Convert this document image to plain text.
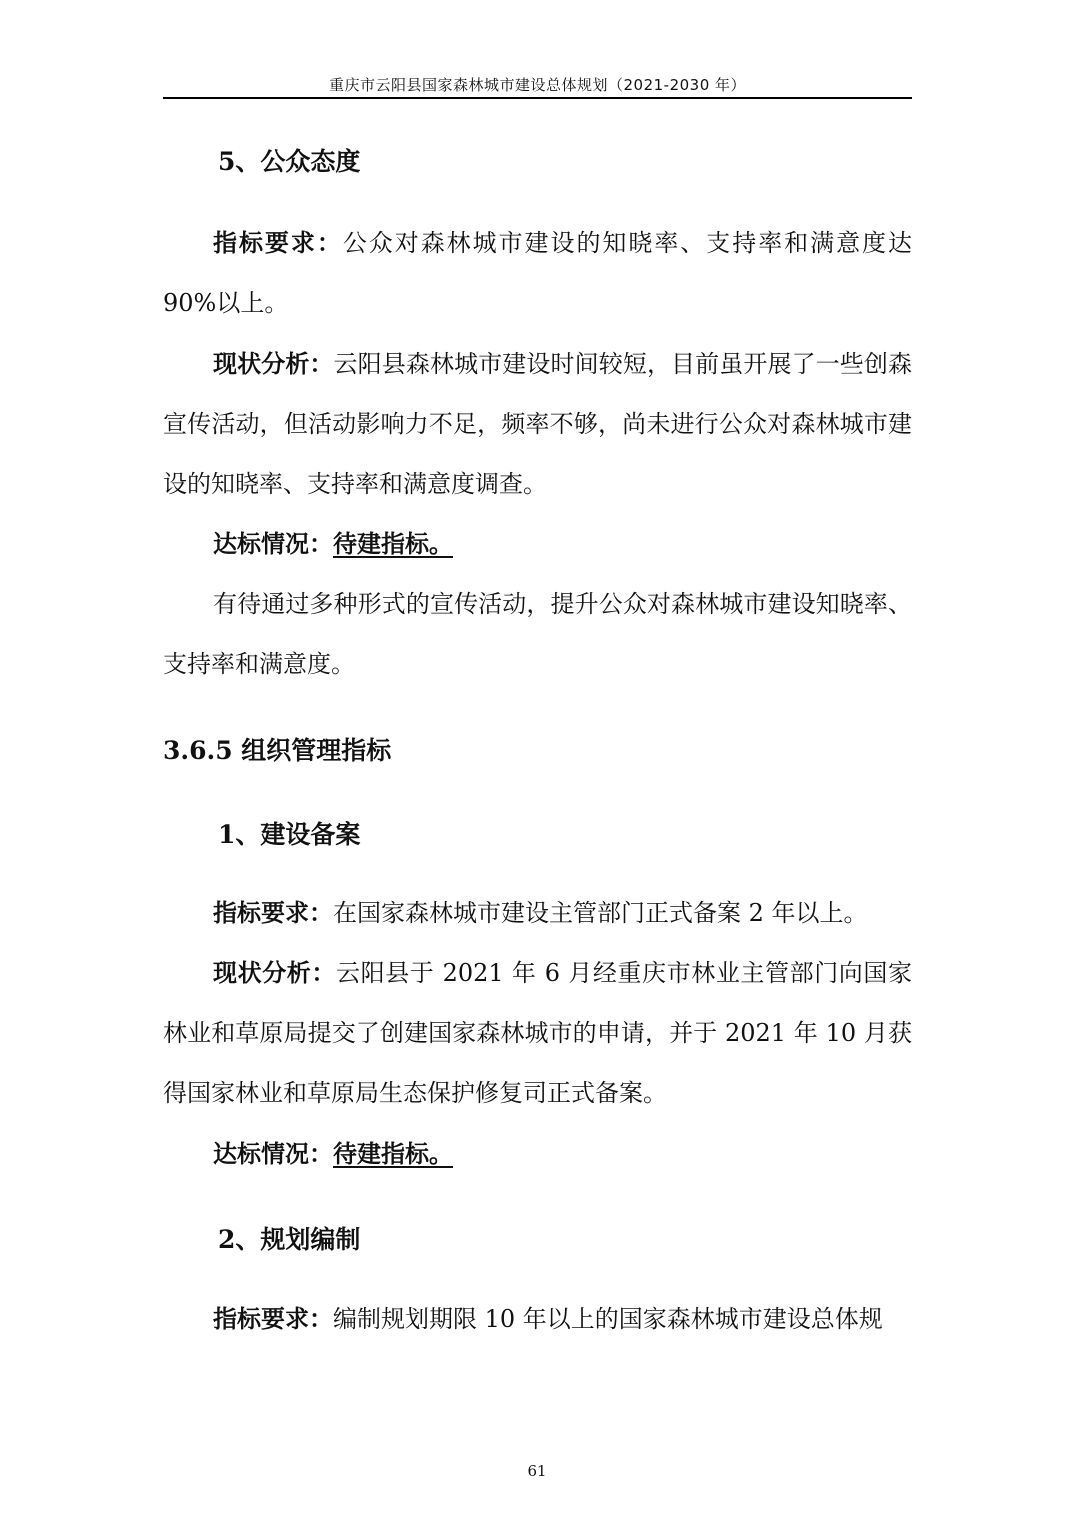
重庆市云阳县国家森林城市建设总体规划（2021-2030 年）
5、公众态度

指标要求：公众对森林城市建设的知晓率、支持率和满意度达90%以上。

现状分析：云阳县森林城市建设时间较短，目前虽开展了一些创森宣传活动，但活动影响力不足，频率不够，尚未进行公众对森林城市建设的知晓率、支持率和满意度调查。

达标情况：待建指标。

有待通过多种形式的宣传活动，提升公众对森林城市建设知晓率、支持率和满意度。

3.6.5 组织管理指标
1、建设备案

指标要求：在国家森林城市建设主管部门正式备案 2 年以上。

现状分析：云阳县于 2021 年 6 月经重庆市林业主管部门向国家林业和草原局提交了创建国家森林城市的申请，并于 2021 年 10 月获得国家林业和草原局生态保护修复司正式备案。

达标情况：待建指标。

2、规划编制

指标要求：编制规划期限 10 年以上的国家森林城市建设总体规

61
